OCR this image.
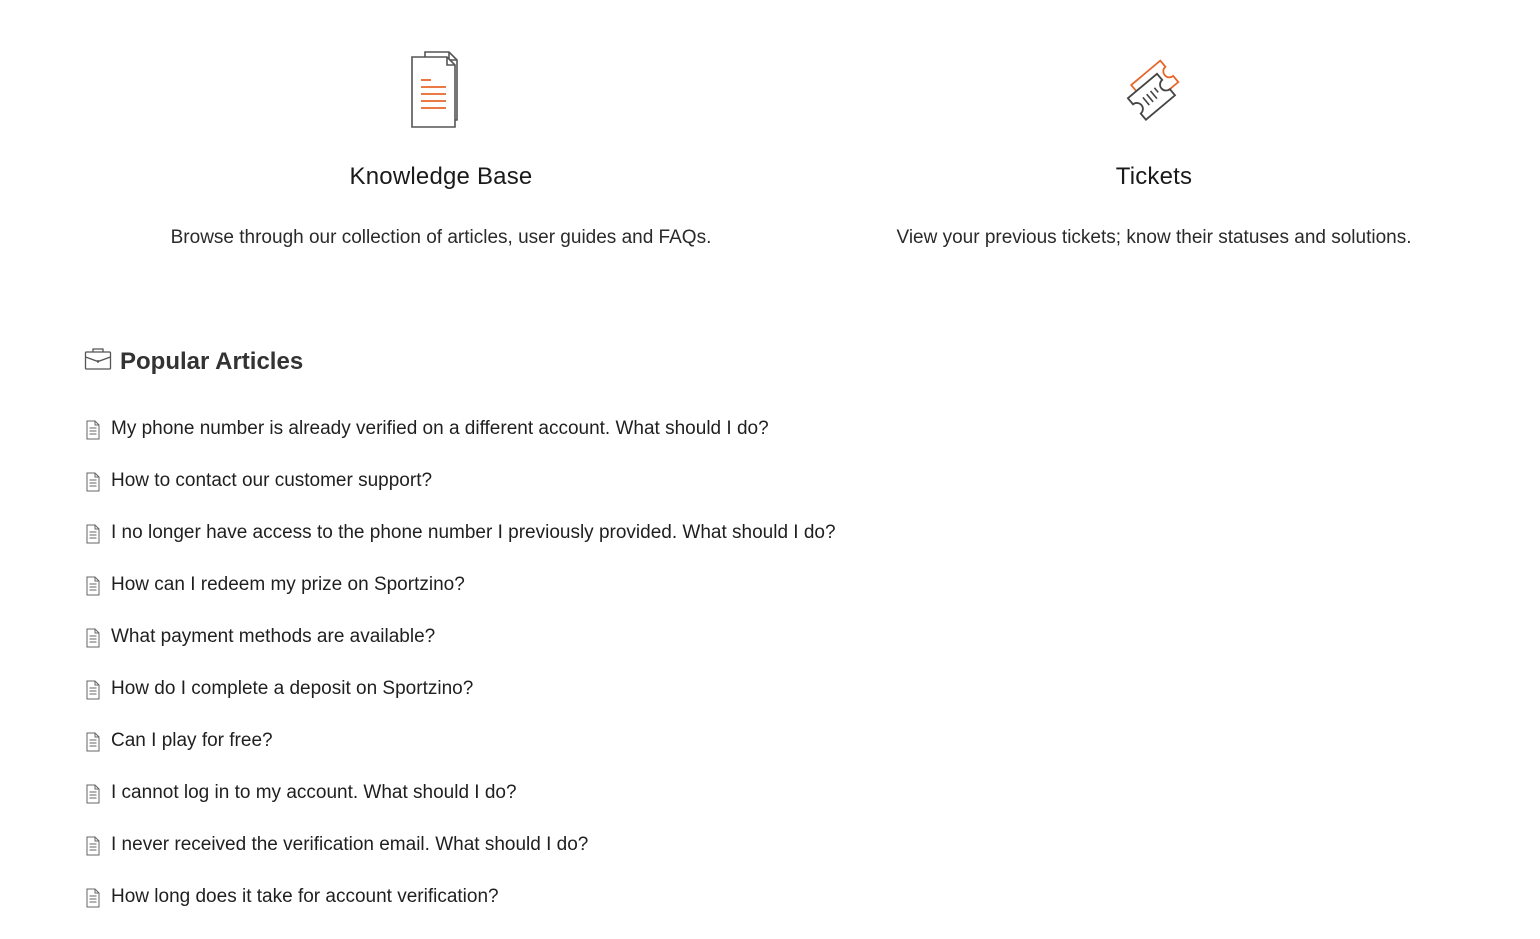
Knowledge Base
Browse through our collection of articles, user guides and FAQs.
Tickets
View your previous tickets; know their statuses and solutions.
Popular Articles
My phone number is already verified on a different account. What should I do?
How to contact our customer support?
I no longer have access to the phone number I previously provided. What should I do?
How can I redeem my prize on Sportzino?
What payment methods are available?
How do I complete a deposit on Sportzino?
Can I play for free?
I cannot log in to my account. What should I do?
I never received the verification email. What should I do?
How long does it take for account verification?
